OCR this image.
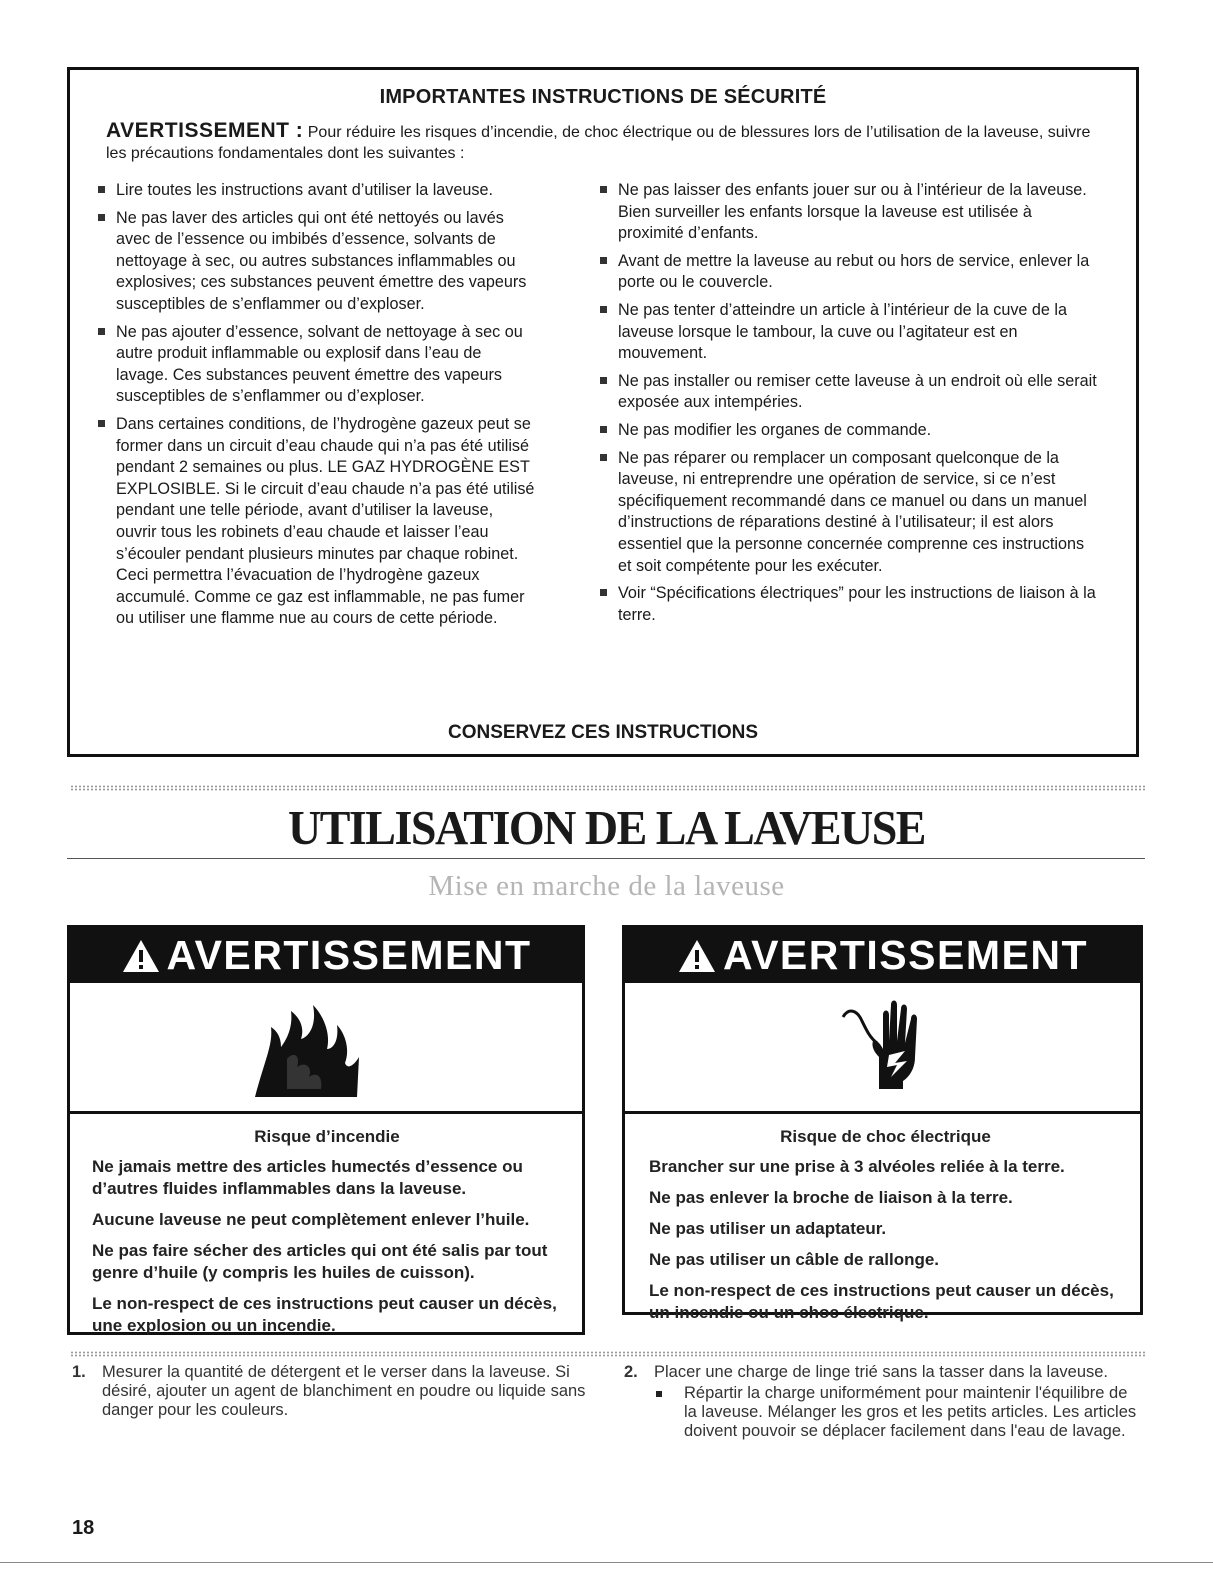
IMPORTANTES INSTRUCTIONS DE SÉCURITÉ
AVERTISSEMENT : Pour réduire les risques d’incendie, de choc électrique ou de blessures lors de l’utilisation de la laveuse, suivre les précautions fondamentales dont les suivantes :
Lire toutes les instructions avant d’utiliser la laveuse.
Ne pas laver des articles qui ont été nettoyés ou lavés avec de l’essence ou imbibés d’essence, solvants de nettoyage à sec, ou autres substances inflammables ou explosives; ces substances peuvent émettre des vapeurs susceptibles de s’enflammer ou d’exploser.
Ne pas ajouter d’essence, solvant de nettoyage à sec ou autre produit inflammable ou explosif dans l’eau de lavage. Ces substances peuvent émettre des vapeurs susceptibles de s’enflammer ou d’exploser.
Dans certaines conditions, de l’hydrogène gazeux peut se former dans un circuit d’eau chaude qui n’a pas été utilisé pendant 2 semaines ou plus. LE GAZ HYDROGÈNE EST EXPLOSIBLE. Si le circuit d’eau chaude n’a pas été utilisé pendant une telle période, avant d’utiliser la laveuse, ouvrir tous les robinets d’eau chaude et laisser l’eau s’écouler pendant plusieurs minutes par chaque robinet. Ceci permettra l’évacuation de l’hydrogène gazeux accumulé. Comme ce gaz est inflammable, ne pas fumer ou utiliser une flamme nue au cours de cette période.
Ne pas laisser des enfants jouer sur ou à l’intérieur de la laveuse. Bien surveiller les enfants lorsque la laveuse est utilisée à proximité d’enfants.
Avant de mettre la laveuse au rebut ou hors de service, enlever la porte ou le couvercle.
Ne pas tenter d’atteindre un article à l’intérieur de la cuve de la laveuse lorsque le tambour, la cuve ou l’agitateur est en mouvement.
Ne pas installer ou remiser cette laveuse à un endroit où elle serait exposée aux intempéries.
Ne pas modifier les organes de commande.
Ne pas réparer ou remplacer un composant quelconque de la laveuse, ni entreprendre une opération de service, si ce n’est spécifiquement recommandé dans ce manuel ou dans un manuel d’instructions de réparations destiné à l’utilisateur; il est alors essentiel que la personne concernée comprenne ces instructions et soit compétente pour les exécuter.
Voir “Spécifications électriques” pour les instructions de liaison à la terre.
CONSERVEZ CES INSTRUCTIONS
UTILISATION DE LA LAVEUSE
Mise en marche de la laveuse
AVERTISSEMENT
Risque d’incendie

Ne jamais mettre des articles humectés d’essence ou d’autres fluides inflammables dans la laveuse.

Aucune laveuse ne peut complètement enlever l’huile.

Ne pas faire sécher des articles qui ont été salis par tout genre d’huile (y compris les huiles de cuisson).

Le non-respect de ces instructions peut causer un décès, une explosion ou un incendie.

AVERTISSEMENT
Risque de choc électrique

Brancher sur une prise à 3 alvéoles reliée à la terre.

Ne pas enlever la broche de liaison à la terre.

Ne pas utiliser un adaptateur.

Ne pas utiliser un câble de rallonge.

Le non-respect de ces instructions peut causer un décès, un incendie ou un choc électrique.

1. Mesurer la quantité de détergent et le verser dans la laveuse. Si désiré, ajouter un agent de blanchiment en poudre ou liquide sans danger pour les couleurs.
2. Placer une charge de linge trié sans la tasser dans la laveuse.
Répartir la charge uniformément pour maintenir l'équilibre de la laveuse. Mélanger les gros et les petits articles. Les articles doivent pouvoir se déplacer facilement dans l'eau de lavage.
18
